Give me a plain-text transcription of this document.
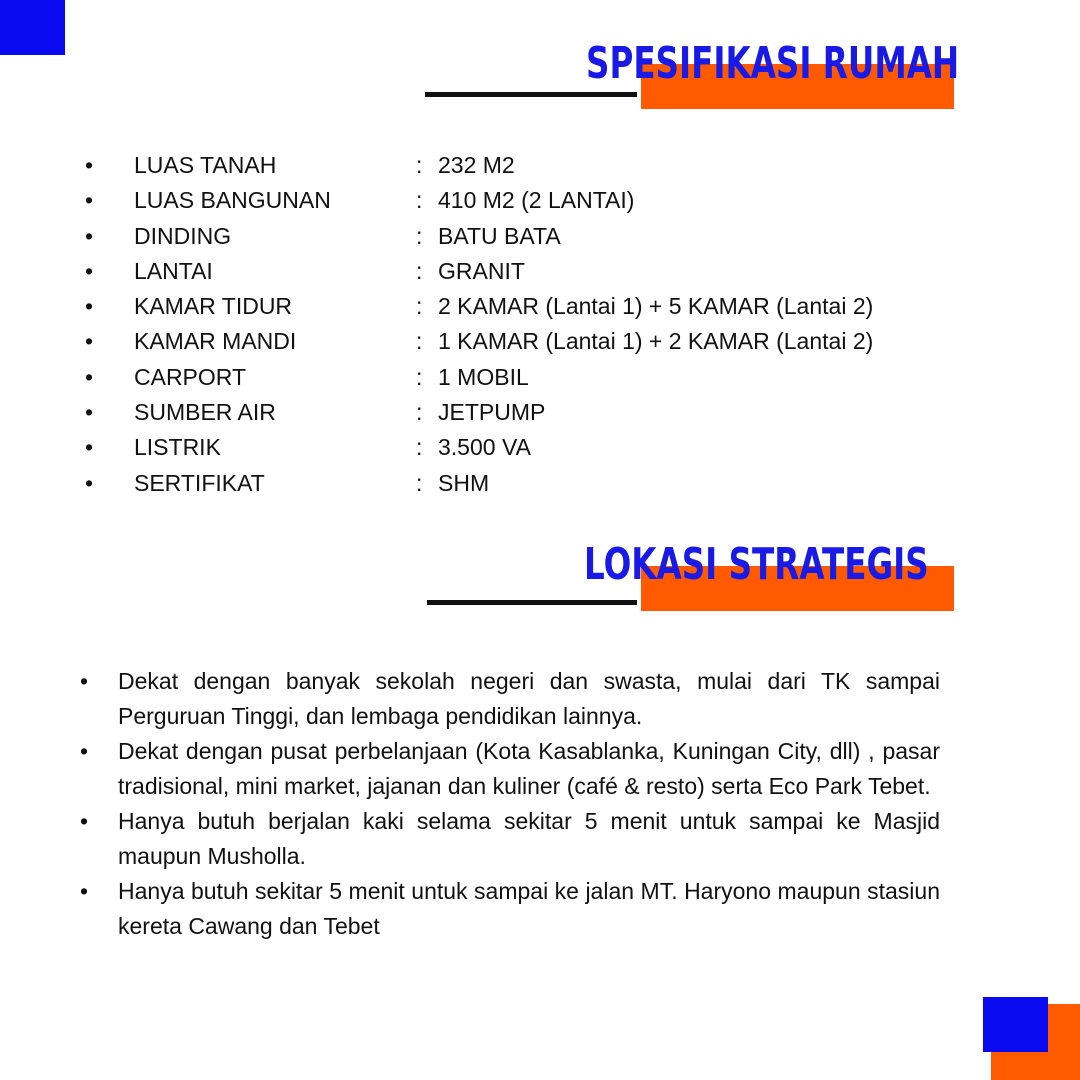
SPESIFIKASI RUMAH
• LUAS TANAH	: 232 M2
• LUAS BANGUNAN	: 410 M2 (2 LANTAI)
• DINDING	: BATU BATA
• LANTAI	: GRANIT
• KAMAR TIDUR	: 2 KAMAR (Lantai 1) + 5 KAMAR (Lantai 2)
• KAMAR MANDI	: 1 KAMAR (Lantai 1) + 2 KAMAR (Lantai 2)
• CARPORT	: 1 MOBIL
• SUMBER AIR	: JETPUMP
• LISTRIK	: 3.500 VA
• SERTIFIKAT	: SHM
LOKASI STRATEGIS
• Dekat dengan banyak sekolah negeri dan swasta, mulai dari TK sampai Perguruan Tinggi, dan lembaga pendidikan lainnya.
• Dekat dengan pusat perbelanjaan (Kota Kasablanka, Kuningan City, dll) , pasar tradisional, mini market, jajanan dan kuliner (café & resto) serta Eco Park Tebet.
• Hanya butuh berjalan kaki selama sekitar 5 menit untuk sampai ke Masjid maupun Musholla.
• Hanya butuh sekitar 5 menit untuk sampai ke jalan MT. Haryono maupun stasiun kereta Cawang dan Tebet
